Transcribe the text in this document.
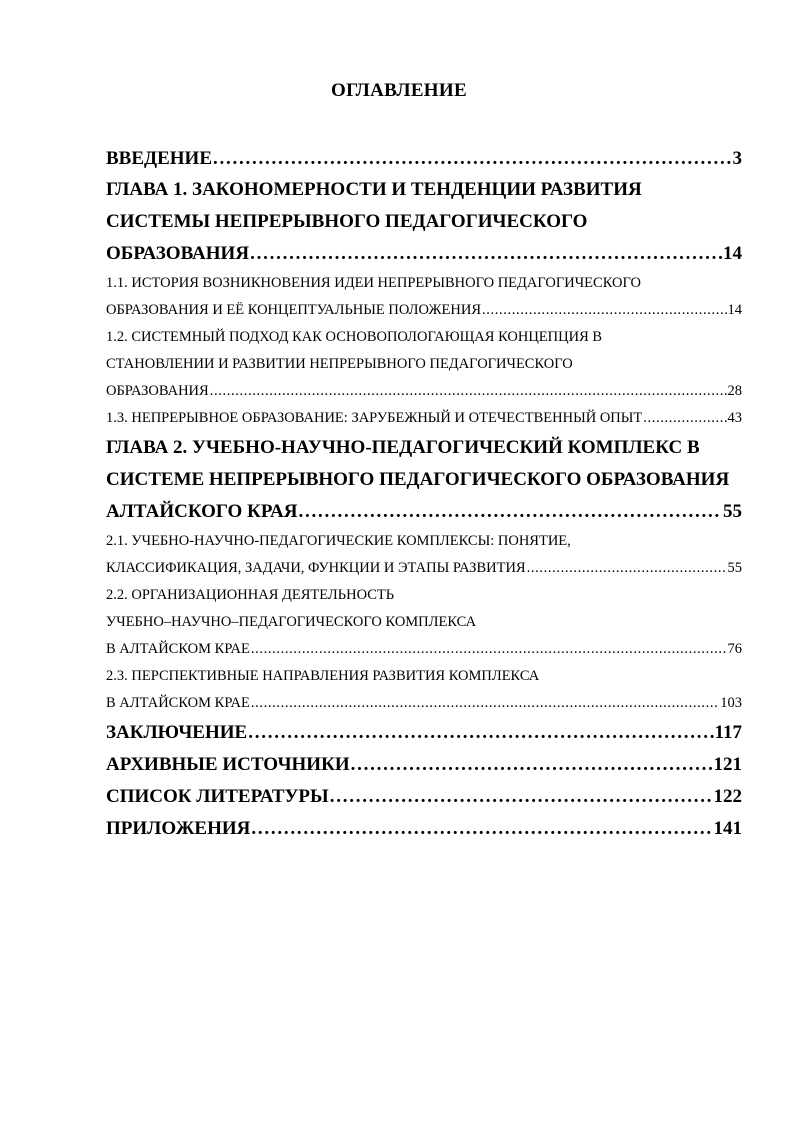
ОГЛАВЛЕНИЕ
ВВЕДЕНИЕ . . .	3
ГЛАВА 1. ЗАКОНОМЕРНОСТИ И ТЕНДЕНЦИИ РАЗВИТИЯ
СИСТЕМЫ НЕПРЕРЫВНОГО ПЕДАГОГИЧЕСКОГО
ОБРАЗОВАНИЯ . . .	14
1.1. ИСТОРИЯ ВОЗНИКНОВЕНИЯ ИДЕИ НЕПРЕРЫВНОГО ПЕДАГОГИЧЕСКОГО
ОБРАЗОВАНИЯ И ЕЁ КОНЦЕПТУАЛЬНЫЕ ПОЛОЖЕНИЯ . . .	14
1.2. СИСТЕМНЫЙ ПОДХОД КАК ОСНОВОПОЛОГАЮЩАЯ КОНЦЕПЦИЯ В
СТАНОВЛЕНИИ И РАЗВИТИИ НЕПРЕРЫВНОГО ПЕДАГОГИЧЕСКОГО
ОБРАЗОВАНИЯ . . .	28
1.3. НЕПРЕРЫВНОЕ ОБРАЗОВАНИЕ: ЗАРУБЕЖНЫЙ И ОТЕЧЕСТВЕННЫЙ ОПЫТ . . .	43
ГЛАВА 2. УЧЕБНО-НАУЧНО-ПЕДАГОГИЧЕСКИЙ КОМПЛЕКС В
СИСТЕМЕ НЕПРЕРЫВНОГО ПЕДАГОГИЧЕСКОГО ОБРАЗОВАНИЯ
АЛТАЙСКОГО КРАЯ . . .	55
2.1. УЧЕБНО-НАУЧНО-ПЕДАГОГИЧЕСКИЕ КОМПЛЕКСЫ: ПОНЯТИЕ,
КЛАССИФИКАЦИЯ, ЗАДАЧИ, ФУНКЦИИ И ЭТАПЫ РАЗВИТИЯ . . .	55
2.2. ОРГАНИЗАЦИОННАЯ ДЕЯТЕЛЬНОСТЬ
УЧЕБНО–НАУЧНО–ПЕДАГОГИЧЕСКОГО КОМПЛЕКСА
В АЛТАЙСКОМ КРАЕ . . .	76
2.3. ПЕРСПЕКТИВНЫЕ НАПРАВЛЕНИЯ РАЗВИТИЯ КОМПЛЕКСА
В АЛТАЙСКОМ КРАЕ . . .	103
ЗАКЛЮЧЕНИЕ . . .	117
АРХИВНЫЕ ИСТОЧНИКИ . . .	121
СПИСОК ЛИТЕРАТУРЫ . . .	122
ПРИЛОЖЕНИЯ . . .	141
